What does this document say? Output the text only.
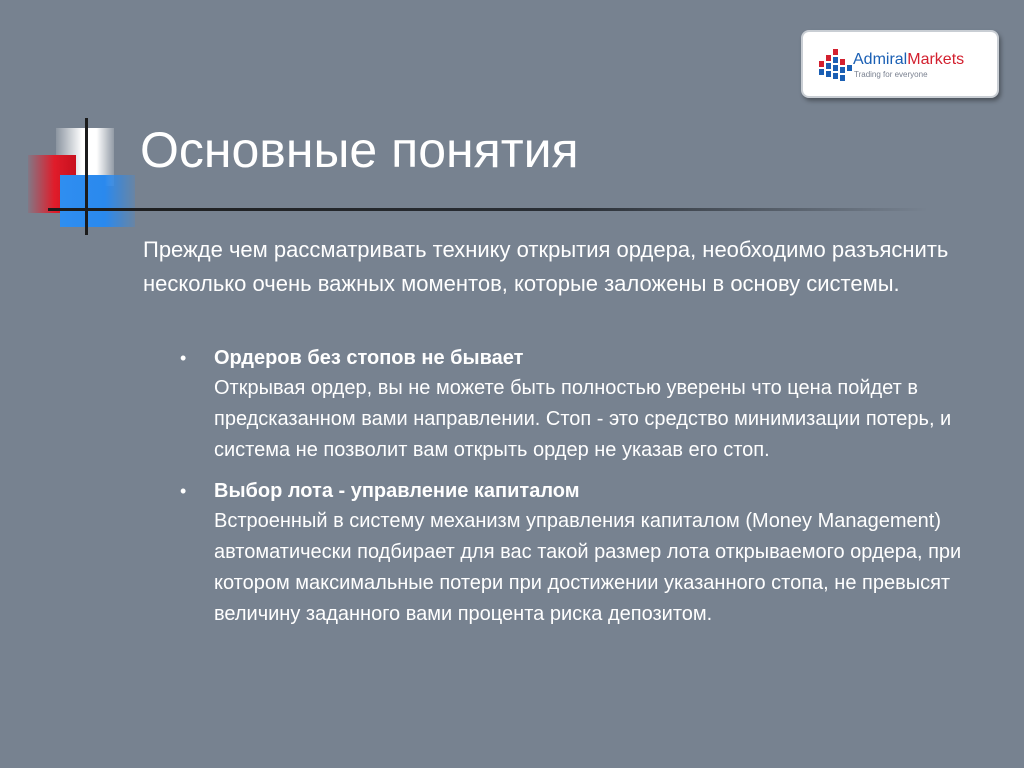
AdmiralMarkets
Trading for everyone
Основные понятия
Прежде чем рассматривать технику открытия ордера, необходимо разъяснить несколько очень важных моментов, которые заложены в основу системы.
• Ордеров без стопов не бывает
Открывая ордер, вы не можете быть полностью уверены что цена пойдет в предсказанном вами направлении. Стоп - это средство минимизации потерь, и система не позволит вам открыть ордер не указав его стоп.
• Выбор лота - управление капиталом
Встроенный в систему механизм управления капиталом (Money Management) автоматически подбирает для вас такой размер лота открываемого ордера, при котором максимальные потери при достижении указанного стопа, не превысят величину заданного вами процента риска депозитом.
